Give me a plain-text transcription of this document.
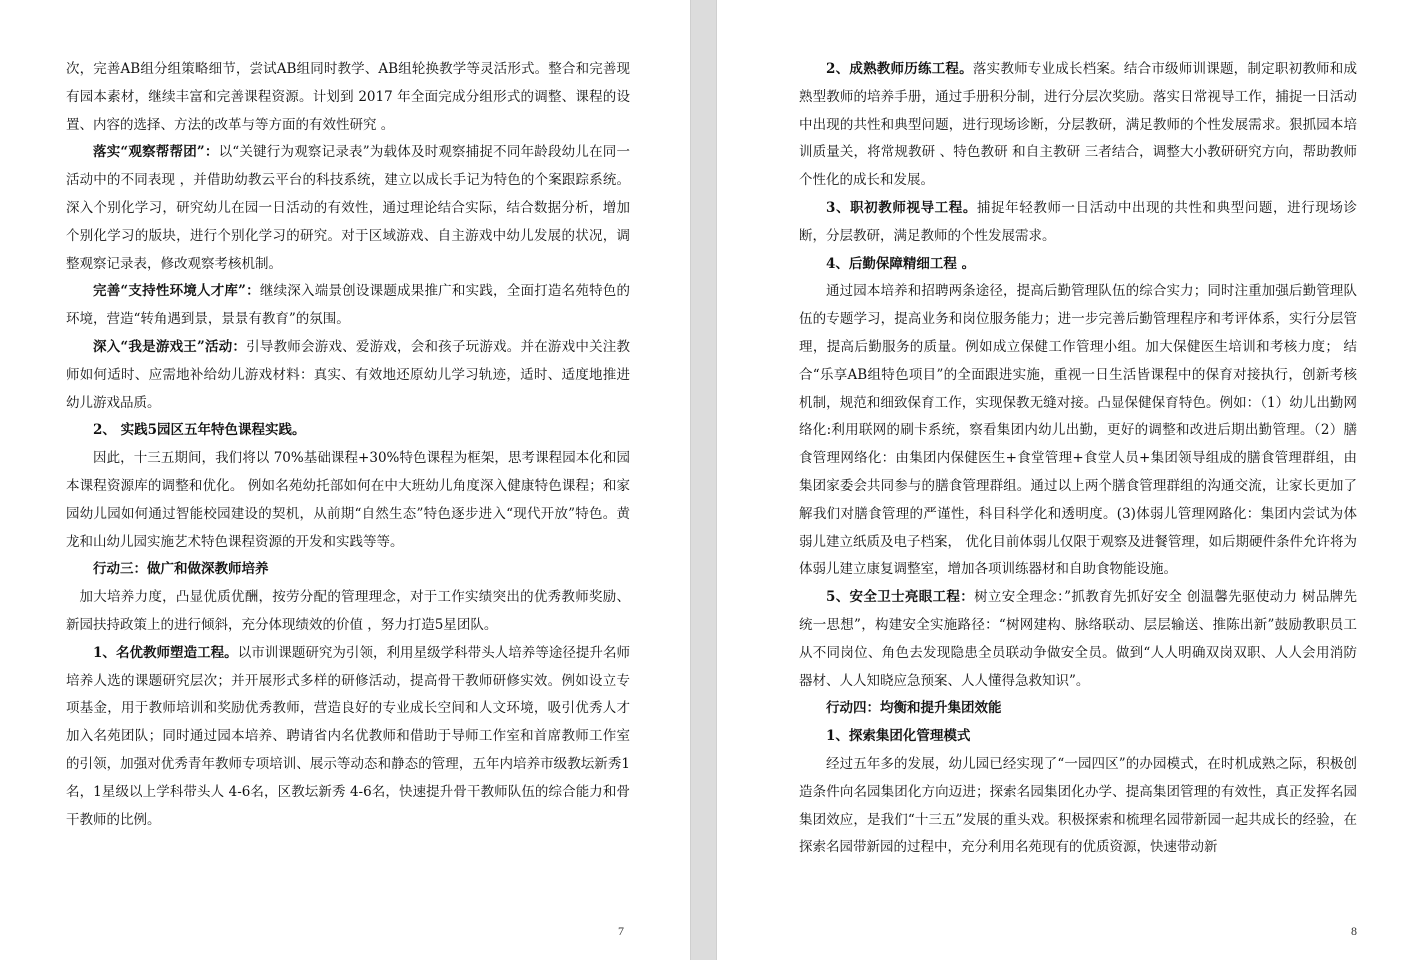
次，完善AB组分组策略细节，尝试AB组同时教学、AB组轮换教学等灵活形式。整合和完善现有园本素材，继续丰富和完善课程资源。计划到 2017 年全面完成分组形式的调整、课程的设置、内容的选择、方法的改革与等方面的有效性研究 。

落实“观察帮帮团”：以“关键行为观察记录表”为载体及时观察捕捉不同年龄段幼儿在同一活动中的不同表现 ，并借助幼教云平台的科技系统，建立以成长手记为特色的个案跟踪系统。深入个别化学习，研究幼儿在园一日活动的有效性，通过理论结合实际，结合数据分析，增加个别化学习的版块，进行个别化学习的研究。对于区域游戏、自主游戏中幼儿发展的状况，调整观察记录表，修改观察考核机制。

完善“支持性环境人才库”：继续深入端景创设课题成果推广和实践，全面打造名苑特色的环境，营造“转角遇到景，景景有教育”的氛围。

深入“我是游戏王”活动：引导教师会游戏、爱游戏，会和孩子玩游戏。并在游戏中关注教师如何适时、应需地补给幼儿游戏材料：真实、有效地还原幼儿学习轨迹，适时、适度地推进幼儿游戏品质。

2、 实践5园区五年特色课程实践。

因此，十三五期间，我们将以 70%基础课程+30%特色课程为框架，思考课程园本化和园本课程资源库的调整和优化。 例如名苑幼托部如何在中大班幼儿角度深入健康特色课程；和家园幼儿园如何通过智能校园建设的契机，从前期“自然生态”特色逐步进入“现代开放”特色。黄龙和山幼儿园实施艺术特色课程资源的开发和实践等等。

行动三：做广和做深教师培养

加大培养力度，凸显优质优酬，按劳分配的管理理念，对于工作实绩突出的优秀教师奖励、新园扶持政策上的进行倾斜，充分体现绩效的价值 ，努力打造5星团队。

1、名优教师塑造工程。以市训课题研究为引领，利用星级学科带头人培养等途径提升名师培养人选的课题研究层次；并开展形式多样的研修活动，提高骨干教师研修实效。例如设立专项基金，用于教师培训和奖励优秀教师，营造良好的专业成长空间和人文环境，吸引优秀人才加入名苑团队；同时通过园本培养、聘请省内名优教师和借助于导师工作室和首席教师工作室的引领，加强对优秀青年教师专项培训、展示等动态和静态的管理，五年内培养市级教坛新秀1名，1星级以上学科带头人 4-6名，区教坛新秀 4-6名，快速提升骨干教师队伍的综合能力和骨干教师的比例。

7

2、成熟教师历练工程。落实教师专业成长档案。结合市级师训课题，制定职初教师和成熟型教师的培养手册，通过手册积分制，进行分层次奖励。落实日常视导工作，捕捉一日活动中出现的共性和典型问题，进行现场诊断，分层教研，满足教师的个性发展需求。狠抓园本培训质量关，将常规教研 、特色教研 和自主教研 三者结合，调整大小教研研究方向，帮助教师个性化的成长和发展。

3、职初教师视导工程。捕捉年轻教师一日活动中出现的共性和典型问题，进行现场诊断，分层教研，满足教师的个性发展需求。

4、后勤保障精细工程 。

通过园本培养和招聘两条途径，提高后勤管理队伍的综合实力；同时注重加强后勤管理队伍的专题学习，提高业务和岗位服务能力；进一步完善后勤管理程序和考评体系，实行分层管理，提高后勤服务的质量。例如成立保健工作管理小组。加大保健医生培训和考核力度； 结合“乐享AB组特色项目”的全面跟进实施，重视一日生活皆课程中的保育对接执行，创新考核机制，规范和细致保育工作，实现保教无缝对接。凸显保健保育特色。例如：（1）幼儿出勤网络化:利用联网的刷卡系统，察看集团内幼儿出勤，更好的调整和改进后期出勤管理。（2）膳食管理网络化：由集团内保健医生+食堂管理+食堂人员+集团领导组成的膳食管理群组，由集团家委会共同参与的膳食管理群组。通过以上两个膳食管理群组的沟通交流，让家长更加了解我们对膳食管理的严谨性，科目科学化和透明度。(3)体弱儿管理网路化：集团内尝试为体弱儿建立纸质及电子档案， 优化目前体弱儿仅限于观察及进餐管理，如后期硬件条件允许将为体弱儿建立康复调整室，增加各项训练器材和自助食物能设施。

5、安全卫士亮眼工程：树立安全理念：”抓教育先抓好安全 创温馨先驱使动力 树品牌先统一思想”，构建安全实施路径：“树网建构、脉络联动、层层输送、推陈出新”鼓励教职员工从不同岗位、角色去发现隐患全员联动争做安全员。做到“人人明确双岗双职、人人会用消防器材、人人知晓应急预案、人人懂得急救知识”。

行动四：均衡和提升集团效能

1、探索集团化管理模式

经过五年多的发展，幼儿园已经实现了“一园四区”的办园模式，在时机成熟之际，积极创造条件向名园集团化方向迈进；探索名园集团化办学、提高集团管理的有效性，真正发挥名园集团效应，是我们“十三五”发展的重头戏。积极探索和梳理名园带新园一起共成长的经验，在探索名园带新园的过程中，充分利用名苑现有的优质资源，快速带动新

8
